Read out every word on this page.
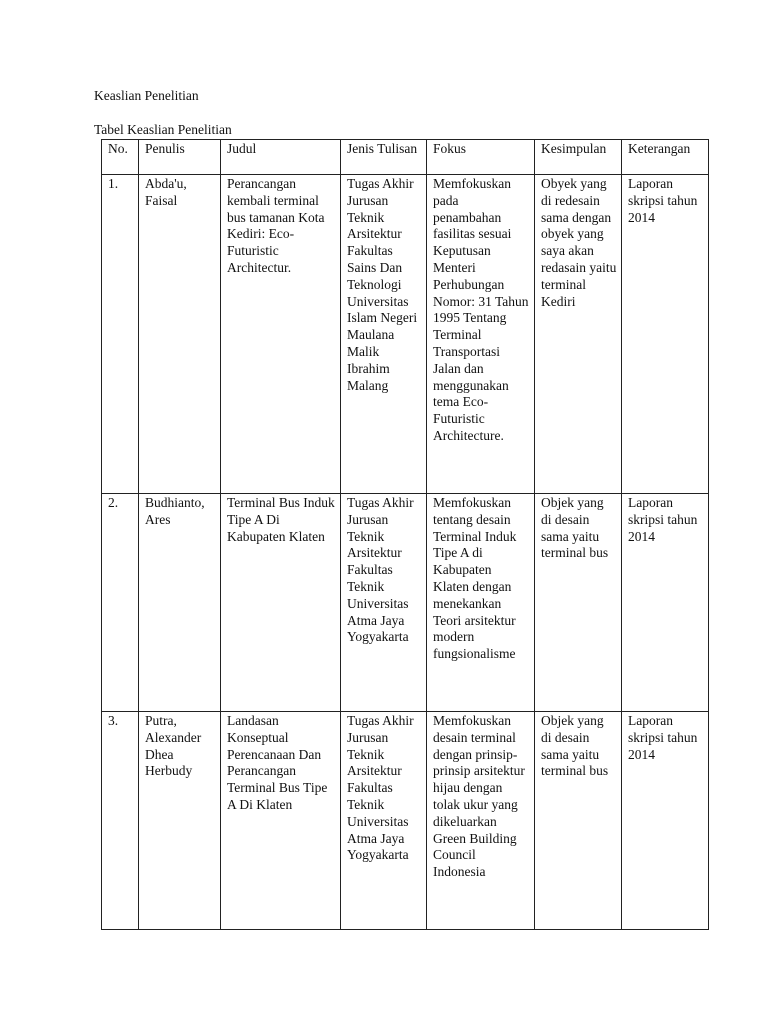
Keaslian Penelitian

Tabel Keaslian Penelitian

No.	Penulis	Judul	Jenis Tulisan	Fokus	Kesimpulan	Keterangan
1.	Abda'u, Faisal	Perancangan kembali terminal bus tamanan Kota Kediri: Eco-Futuristic Architectur.	Tugas Akhir Jurusan Teknik Arsitektur Fakultas Sains Dan Teknologi Universitas Islam Negeri Maulana Malik Ibrahim Malang	Memfokuskan pada penambahan fasilitas sesuai Keputusan Menteri Perhubungan Nomor: 31 Tahun 1995 Tentang Terminal Transportasi Jalan dan menggunakan tema Eco-Futuristic Architecture.	Obyek yang di redesain sama dengan obyek yang saya akan redasain yaitu terminal Kediri	Laporan skripsi tahun 2014
2.	Budhianto, Ares	Terminal Bus Induk Tipe A Di Kabupaten Klaten	Tugas Akhir Jurusan Teknik Arsitektur Fakultas Teknik Universitas Atma Jaya Yogyakarta	Memfokuskan tentang desain Terminal Induk Tipe A di Kabupaten Klaten dengan menekankan Teori arsitektur modern fungsionalisme	Objek yang di desain sama yaitu terminal bus	Laporan skripsi tahun 2014
3.	Putra, Alexander Dhea Herbudy	Landasan Konseptual Perencanaan Dan Perancangan Terminal Bus Tipe A Di Klaten	Tugas Akhir Jurusan Teknik Arsitektur Fakultas Teknik Universitas Atma Jaya Yogyakarta	Memfokuskan desain terminal dengan prinsip-prinsip arsitektur hijau dengan tolak ukur yang dikeluarkan Green Building Council Indonesia	Objek yang di desain sama yaitu terminal bus	Laporan skripsi tahun 2014
